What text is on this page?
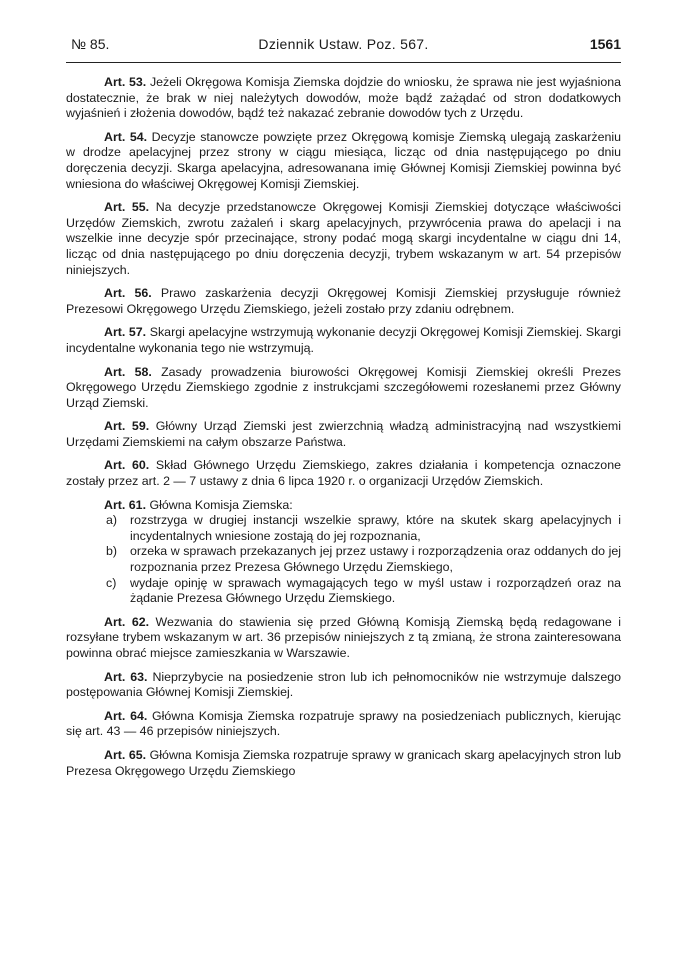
№ 85.	Dziennik Ustaw. Poz. 567.	1561

Art. 53. Jeżeli Okręgowa Komisja Ziemska dojdzie do wniosku, że sprawa nie jest wyjaśniona dostatecznie, że brak w niej należytych dowodów, może bądź zażądać od stron dodatkowych wyjaśnień i złożenia dowodów, bądź też nakazać zebranie dowodów tych z Urzędu.

Art. 54. Decyzje stanowcze powzięte przez Okręgową komisje Ziemską ulegają zaskarżeniu w drodze apelacyjnej przez strony w ciągu miesiąca, licząc od dnia następującego po dniu doręczenia decyzji. Skarga apelacyjna, adresowanana imię Głównej Komisji Ziemskiej powinna być wniesiona do właściwej Okręgowej Komisji Ziemskiej.

Art. 55. Na decyzje przedstanowcze Okręgowej Komisji Ziemskiej dotyczące właściwości Urzędów Ziemskich, zwrotu zażaleń i skarg apelacyjnych, przywrócenia prawa do apelacji i na wszelkie inne decyzje spór przecinające, strony podać mogą skargi incydentalne w ciągu dni 14, licząc od dnia następującego po dniu doręczenia decyzji, trybem wskazanym w art. 54 przepisów niniejszych.

Art. 56. Prawo zaskarżenia decyzji Okręgowej Komisji Ziemskiej przysługuje również Prezesowi Okręgowego Urzędu Ziemskiego, jeżeli zostało przy zdaniu odrębnem.

Art. 57. Skargi apelacyjne wstrzymują wykonanie decyzji Okręgowej Komisji Ziemskiej. Skargi incydentalne wykonania tego nie wstrzymują.

Art. 58. Zasady prowadzenia biurowości Okręgowej Komisji Ziemskiej określi Prezes Okręgowego Urzędu Ziemskiego zgodnie z instrukcjami szczegółowemi rozesłanemi przez Główny Urząd Ziemski.

Art. 59. Główny Urząd Ziemski jest zwierzchnią władzą administracyjną nad wszystkiemi Urzędami Ziemskiemi na całym obszarze Państwa.

Art. 60. Skład Głównego Urzędu Ziemskiego, zakres działania i kompetencja oznaczone zostały przez art. 2 — 7 ustawy z dnia 6 lipca 1920 r. o organizacji Urzędów Ziemskich.

Art. 61. Główna Komisja Ziemska:

a) rozstrzyga w drugiej instancji wszelkie sprawy, które na skutek skarg apelacyjnych i incydentalnych wniesione zostają do jej rozpoznania,
b) orzeka w sprawach przekazanych jej przez ustawy i rozporządzenia oraz oddanych do jej rozpoznania przez Prezesa Głównego Urzędu Ziemskiego,
c) wydaje opinję w sprawach wymagających tego w myśl ustaw i rozporządzeń oraz na żądanie Prezesa Głównego Urzędu Ziemskiego.

Art. 62. Wezwania do stawienia się przed Główną Komisją Ziemską będą redagowane i rozsyłane trybem wskazanym w art. 36 przepisów niniejszych z tą zmianą, że strona zainteresowana powinna obrać miejsce zamieszkania w Warszawie.

Art. 63. Nieprzybycie na posiedzenie stron lub ich pełnomocników nie wstrzymuje dalszego postępowania Głównej Komisji Ziemskiej.

Art. 64. Główna Komisja Ziemska rozpatruje sprawy na posiedzeniach publicznych, kierując się art. 43 — 46 przepisów niniejszych.

Art. 65. Główna Komisja Ziemska rozpatruje sprawy w granicach skarg apelacyjnych stron lub Prezesa Okręgowego Urzędu Ziemskiego
